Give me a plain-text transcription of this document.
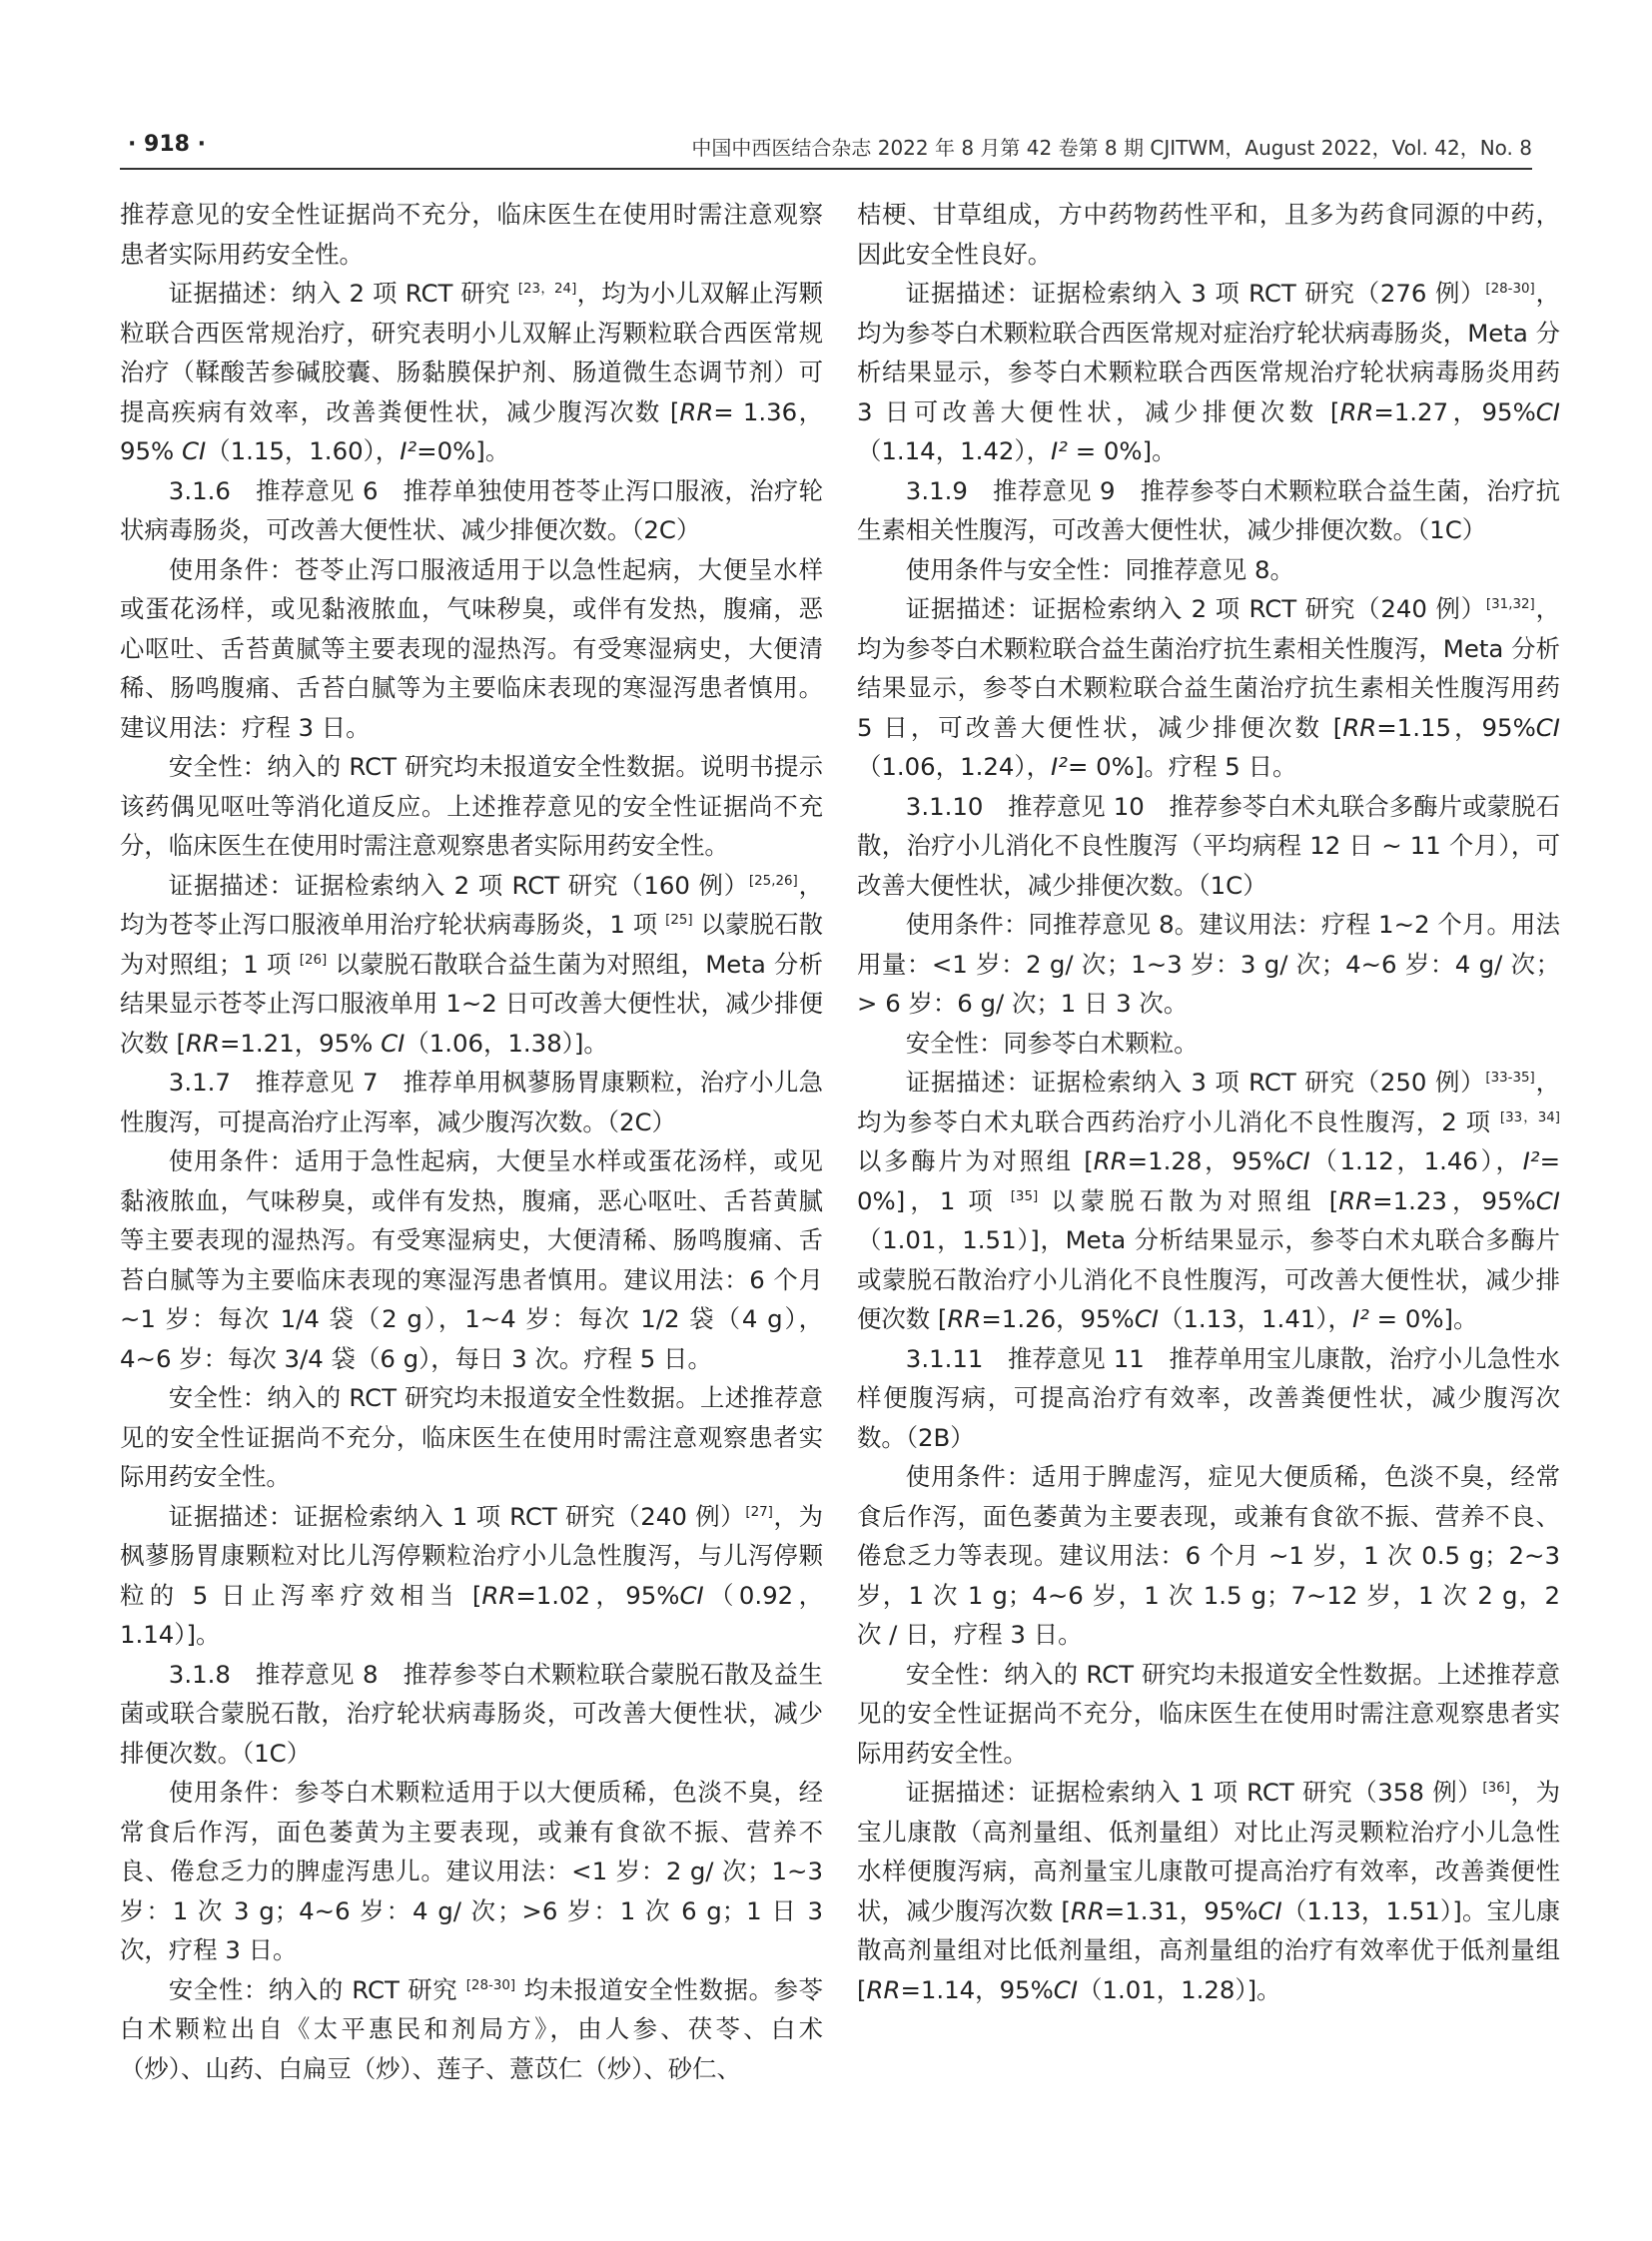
· 918 ·	中国中西医结合杂志 2022 年 8 月第 42 卷第 8 期 CJITWM，August 2022，Vol. 42，No. 8

推荐意见的安全性证据尚不充分，临床医生在使用时需注意观察患者实际用药安全性。

证据描述：纳入 2 项 RCT 研究 [23，24]，均为小儿双解止泻颗粒联合西医常规治疗，研究表明小儿双解止泻颗粒联合西医常规治疗（鞣酸苦参碱胶囊、肠黏膜保护剂、肠道微生态调节剂）可提高疾病有效率，改善粪便性状，减少腹泻次数 [RR= 1.36，95% CI（1.15，1.60），I²=0%]。

3.1.6　推荐意见 6　推荐单独使用苍苓止泻口服液，治疗轮状病毒肠炎，可改善大便性状、减少排便次数。（2C）

使用条件：苍苓止泻口服液适用于以急性起病，大便呈水样或蛋花汤样，或见黏液脓血，气味秽臭，或伴有发热，腹痛，恶心呕吐、舌苔黄腻等主要表现的湿热泻。有受寒湿病史，大便清稀、肠鸣腹痛、舌苔白腻等为主要临床表现的寒湿泻患者慎用。建议用法：疗程 3 日。

安全性：纳入的 RCT 研究均未报道安全性数据。说明书提示该药偶见呕吐等消化道反应。上述推荐意见的安全性证据尚不充分，临床医生在使用时需注意观察患者实际用药安全性。

证据描述：证据检索纳入 2 项 RCT 研究（160 例）[25,26]，均为苍苓止泻口服液单用治疗轮状病毒肠炎，1 项 [25] 以蒙脱石散为对照组；1 项 [26] 以蒙脱石散联合益生菌为对照组，Meta 分析结果显示苍苓止泻口服液单用 1~2 日可改善大便性状，减少排便次数 [RR=1.21，95% CI（1.06，1.38）]。

3.1.7　推荐意见 7　推荐单用枫蓼肠胃康颗粒，治疗小儿急性腹泻，可提高治疗止泻率，减少腹泻次数。（2C）

使用条件：适用于急性起病，大便呈水样或蛋花汤样，或见黏液脓血，气味秽臭，或伴有发热，腹痛，恶心呕吐、舌苔黄腻等主要表现的湿热泻。有受寒湿病史，大便清稀、肠鸣腹痛、舌苔白腻等为主要临床表现的寒湿泻患者慎用。建议用法：6 个月 ~1 岁：每次 1/4 袋（2 g），1~4 岁：每次 1/2 袋（4 g），4~6 岁：每次 3/4 袋（6 g），每日 3 次。疗程 5 日。

安全性：纳入的 RCT 研究均未报道安全性数据。上述推荐意见的安全性证据尚不充分，临床医生在使用时需注意观察患者实际用药安全性。

证据描述：证据检索纳入 1 项 RCT 研究（240 例）[27]，为枫蓼肠胃康颗粒对比儿泻停颗粒治疗小儿急性腹泻，与儿泻停颗粒的 5 日止泻率疗效相当 [RR=1.02，95%CI（0.92，1.14）]。

3.1.8　推荐意见 8　推荐参苓白术颗粒联合蒙脱石散及益生菌或联合蒙脱石散，治疗轮状病毒肠炎，可改善大便性状，减少排便次数。（1C）

使用条件：参苓白术颗粒适用于以大便质稀，色淡不臭，经常食后作泻，面色萎黄为主要表现，或兼有食欲不振、营养不良、倦怠乏力的脾虚泻患儿。建议用法：<1 岁：2 g/ 次；1~3 岁：1 次 3 g；4~6 岁：4 g/ 次；>6 岁：1 次 6 g；1 日 3 次，疗程 3 日。

安全性：纳入的 RCT 研究 [28-30] 均未报道安全性数据。参苓白术颗粒出自《太平惠民和剂局方》，由人参、茯苓、白术（炒）、山药、白扁豆（炒）、莲子、薏苡仁（炒）、砂仁、

桔梗、甘草组成，方中药物药性平和，且多为药食同源的中药，因此安全性良好。

证据描述：证据检索纳入 3 项 RCT 研究（276 例）[28-30]，均为参苓白术颗粒联合西医常规对症治疗轮状病毒肠炎，Meta 分析结果显示，参苓白术颗粒联合西医常规治疗轮状病毒肠炎用药 3 日可改善大便性状，减少排便次数 [RR=1.27，95%CI（1.14，1.42），I² = 0%]。

3.1.9　推荐意见 9　推荐参苓白术颗粒联合益生菌，治疗抗生素相关性腹泻，可改善大便性状，减少排便次数。（1C）

使用条件与安全性：同推荐意见 8。

证据描述：证据检索纳入 2 项 RCT 研究（240 例）[31,32]，均为参苓白术颗粒联合益生菌治疗抗生素相关性腹泻，Meta 分析结果显示，参苓白术颗粒联合益生菌治疗抗生素相关性腹泻用药 5 日，可改善大便性状，减少排便次数 [RR=1.15，95%CI（1.06，1.24），I²= 0%]。疗程 5 日。

3.1.10　推荐意见 10　推荐参苓白术丸联合多酶片或蒙脱石散，治疗小儿消化不良性腹泻（平均病程 12 日 ~ 11 个月），可改善大便性状，减少排便次数。（1C）

使用条件：同推荐意见 8。建议用法：疗程 1~2 个月。用法用量：<1 岁：2 g/ 次；1~3 岁：3 g/ 次；4~6 岁：4 g/ 次；> 6 岁：6 g/ 次；1 日 3 次。

安全性：同参苓白术颗粒。

证据描述：证据检索纳入 3 项 RCT 研究（250 例）[33-35]，均为参苓白术丸联合西药治疗小儿消化不良性腹泻，2 项 [33，34] 以多酶片为对照组 [RR=1.28，95%CI（1.12，1.46），I²= 0%]，1 项 [35] 以蒙脱石散为对照组 [RR=1.23，95%CI（1.01，1.51）]，Meta 分析结果显示，参苓白术丸联合多酶片或蒙脱石散治疗小儿消化不良性腹泻，可改善大便性状，减少排便次数 [RR=1.26，95%CI（1.13，1.41），I² = 0%]。

3.1.11　推荐意见 11　推荐单用宝儿康散，治疗小儿急性水样便腹泻病，可提高治疗有效率，改善粪便性状，减少腹泻次数。（2B）

使用条件：适用于脾虚泻，症见大便质稀，色淡不臭，经常食后作泻，面色萎黄为主要表现，或兼有食欲不振、营养不良、倦怠乏力等表现。建议用法：6 个月 ~1 岁，1 次 0.5 g；2~3 岁，1 次 1 g；4~6 岁，1 次 1.5 g；7~12 岁，1 次 2 g，2 次 / 日，疗程 3 日。

安全性：纳入的 RCT 研究均未报道安全性数据。上述推荐意见的安全性证据尚不充分，临床医生在使用时需注意观察患者实际用药安全性。

证据描述：证据检索纳入 1 项 RCT 研究（358 例）[36]，为宝儿康散（高剂量组、低剂量组）对比止泻灵颗粒治疗小儿急性水样便腹泻病，高剂量宝儿康散可提高治疗有效率，改善粪便性状，减少腹泻次数 [RR=1.31，95%CI（1.13，1.51）]。宝儿康散高剂量组对比低剂量组，高剂量组的治疗有效率优于低剂量组 [RR=1.14，95%CI（1.01，1.28）]。
